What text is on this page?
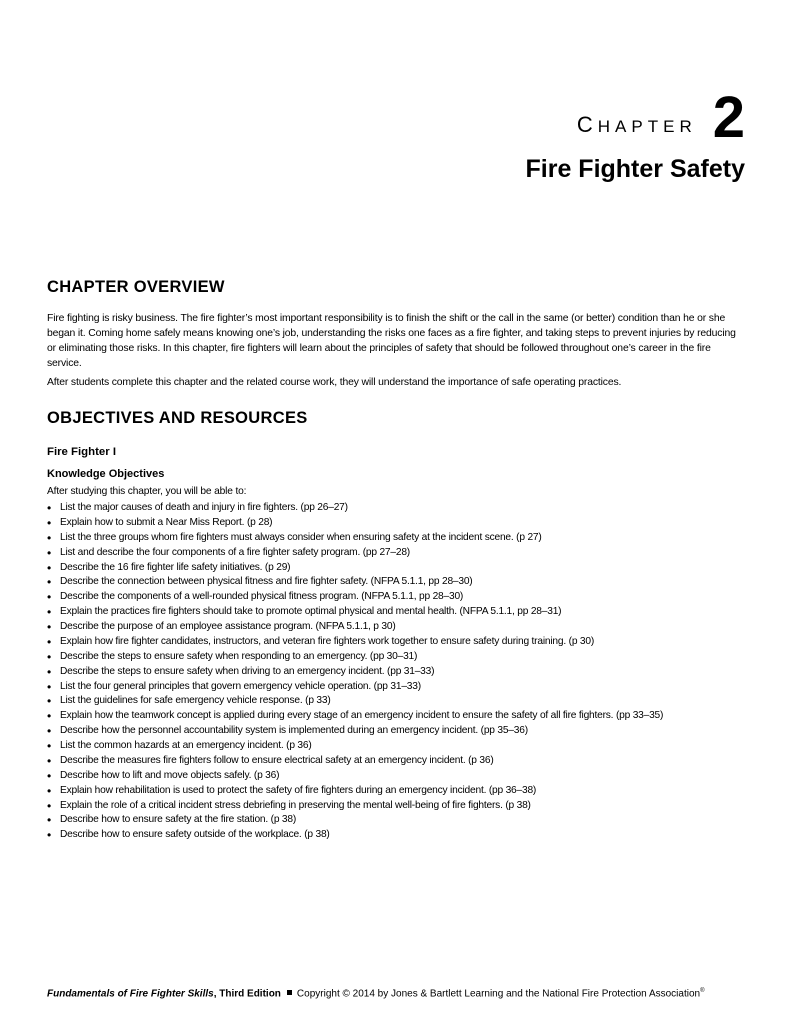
CHAPTER 2
Fire Fighter Safety
CHAPTER OVERVIEW

Fire fighting is risky business. The fire fighter’s most important responsibility is to finish the shift or the call in the same (or better) condition than he or she began it. Coming home safely means knowing one’s job, understanding the risks one faces as a fire fighter, and taking steps to prevent injuries by reducing or eliminating those risks. In this chapter, fire fighters will learn about the principles of safety that should be followed throughout one’s career in the fire service.

After students complete this chapter and the related course work, they will understand the importance of safe operating practices.

OBJECTIVES AND RESOURCES
Fire Fighter I
Knowledge Objectives

After studying this chapter, you will be able to:

• List the major causes of death and injury in fire fighters. (pp 26–27)
• Explain how to submit a Near Miss Report. (p 28)
• List the three groups whom fire fighters must always consider when ensuring safety at the incident scene. (p 27)
• List and describe the four components of a fire fighter safety program. (pp 27–28)
• Describe the 16 fire fighter life safety initiatives. (p 29)
• Describe the connection between physical fitness and fire fighter safety. (NFPA 5.1.1, pp 28–30)
• Describe the components of a well-rounded physical fitness program. (NFPA 5.1.1, pp 28–30)
• Explain the practices fire fighters should take to promote optimal physical and mental health. (NFPA 5.1.1, pp 28–31)
• Describe the purpose of an employee assistance program. (NFPA 5.1.1, p 30)
• Explain how fire fighter candidates, instructors, and veteran fire fighters work together to ensure safety during training. (p 30)
• Describe the steps to ensure safety when responding to an emergency. (pp 30–31)
• Describe the steps to ensure safety when driving to an emergency incident. (pp 31–33)
• List the four general principles that govern emergency vehicle operation. (pp 31–33)
• List the guidelines for safe emergency vehicle response. (p 33)
• Explain how the teamwork concept is applied during every stage of an emergency incident to ensure the safety of all fire fighters. (pp 33–35)
• Describe how the personnel accountability system is implemented during an emergency incident. (pp 35–36)
• List the common hazards at an emergency incident. (p 36)
• Describe the measures fire fighters follow to ensure electrical safety at an emergency incident. (p 36)
• Describe how to lift and move objects safely. (p 36)
• Explain how rehabilitation is used to protect the safety of fire fighters during an emergency incident. (pp 36–38)
• Explain the role of a critical incident stress debriefing in preserving the mental well-being of fire fighters. (p 38)
• Describe how to ensure safety at the fire station. (p 38)
• Describe how to ensure safety outside of the workplace. (p 38)
Fundamentals of Fire Fighter Skills, Third Edition Copyright © 2014 by Jones & Bartlett Learning and the National Fire Protection Association®
